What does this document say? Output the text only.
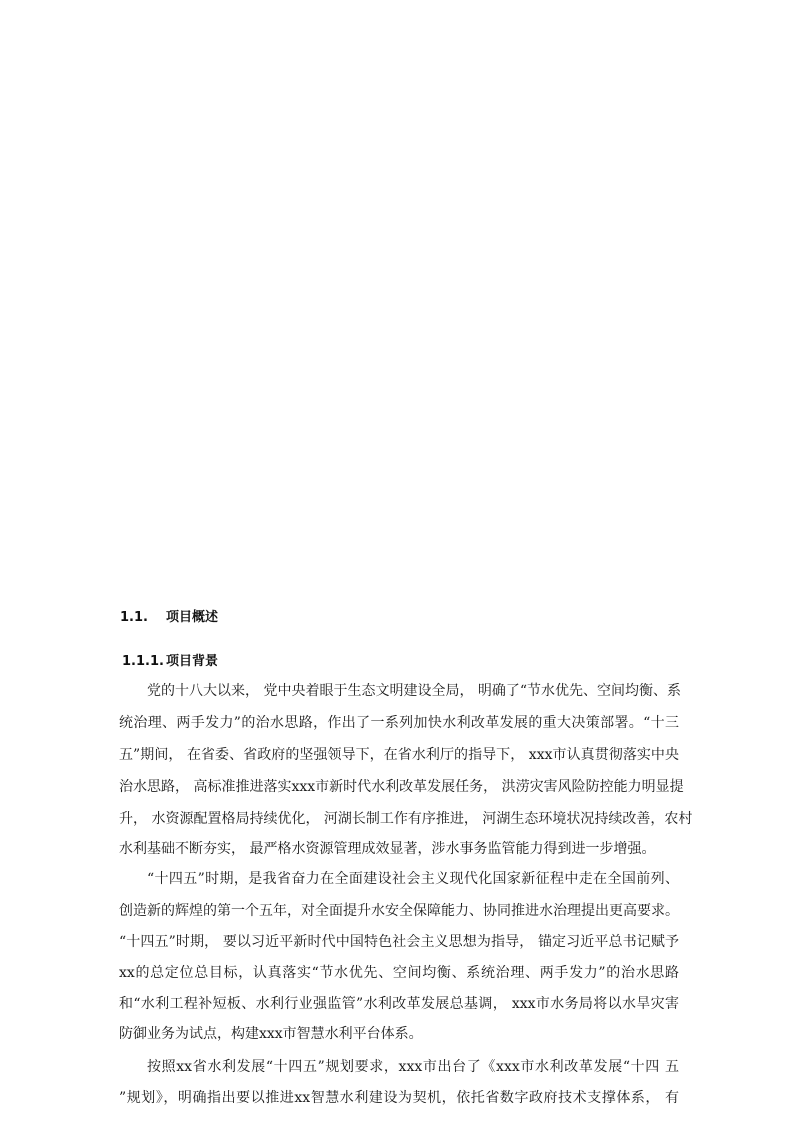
1.1. 项目概述
1.1.1. 项目背景
党的十八大以来， 党中央着眼于生态文明建设全局， 明确了“节水优先、空间均衡、系
统治理、两手发力”的治水思路，作出了一系列加快水利改革发展的重大决策部署。“十三
五”期间， 在省委、省政府的坚强领导下，在省水利厅的指导下， xxx市认真贯彻落实中央
治水思路， 高标准推进落实xxx市新时代水利改革发展任务， 洪涝灾害风险防控能力明显提
升， 水资源配置格局持续优化， 河湖长制工作有序推进， 河湖生态环境状况持续改善，农村
水利基础不断夯实， 最严格水资源管理成效显著，涉水事务监管能力得到进一步增强。
“十四五”时期，是我省奋力在全面建设社会主义现代化国家新征程中走在全国前列、
创造新的辉煌的第一个五年，对全面提升水安全保障能力、协同推进水治理提出更高要求。
“十四五”时期， 要以习近平新时代中国特色社会主义思想为指导， 锚定习近平总书记赋予
xx的总定位总目标，认真落实“节水优先、空间均衡、系统治理、两手发力”的治水思路
和“水利工程补短板、水利行业强监管”水利改革发展总基调， xxx市水务局将以水旱灾害
防御业务为试点，构建xxx市智慧水利平台体系。
按照xx省水利发展“十四五”规划要求，xxx市出台了《xxx市水利改革发展“十四 五
”规划》，明确指出要以推进xx智慧水利建设为契机，依托省数字政府技术支撑体系， 有
